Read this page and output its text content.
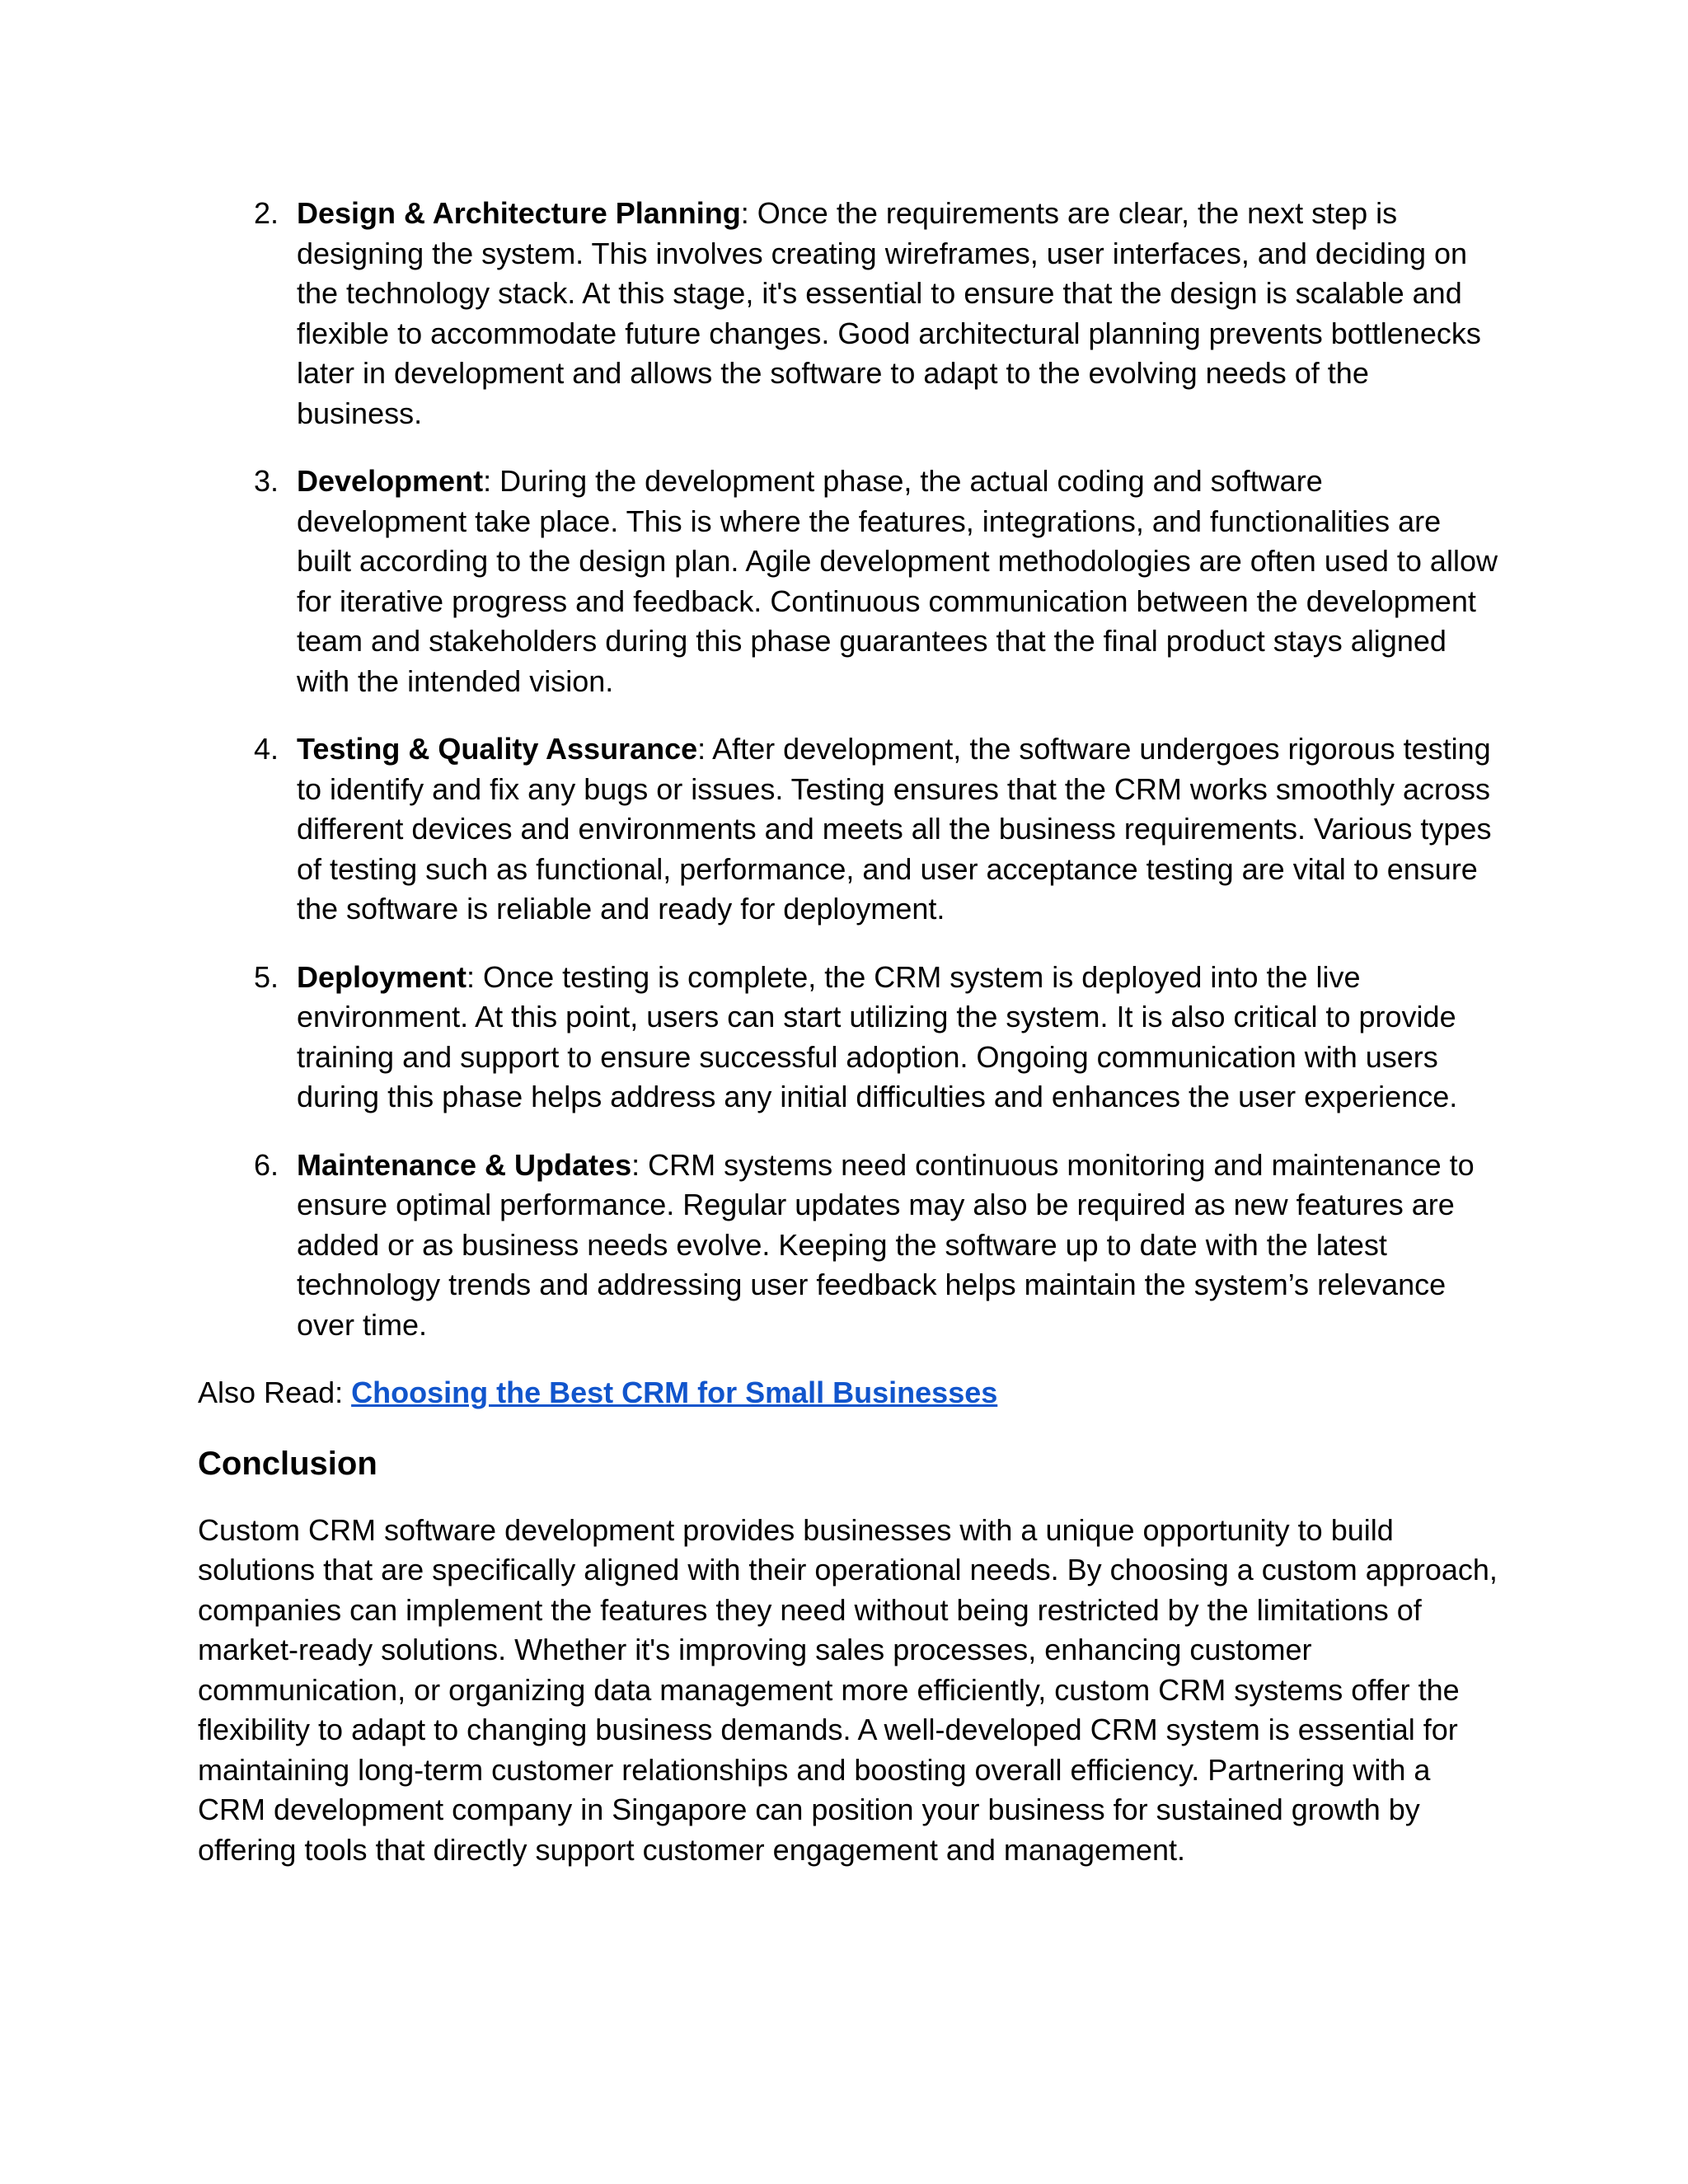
2. Design & Architecture Planning: Once the requirements are clear, the next step is designing the system. This involves creating wireframes, user interfaces, and deciding on the technology stack. At this stage, it's essential to ensure that the design is scalable and flexible to accommodate future changes. Good architectural planning prevents bottlenecks later in development and allows the software to adapt to the evolving needs of the business.
3. Development: During the development phase, the actual coding and software development take place. This is where the features, integrations, and functionalities are built according to the design plan. Agile development methodologies are often used to allow for iterative progress and feedback. Continuous communication between the development team and stakeholders during this phase guarantees that the final product stays aligned with the intended vision.
4. Testing & Quality Assurance: After development, the software undergoes rigorous testing to identify and fix any bugs or issues. Testing ensures that the CRM works smoothly across different devices and environments and meets all the business requirements. Various types of testing such as functional, performance, and user acceptance testing are vital to ensure the software is reliable and ready for deployment.
5. Deployment: Once testing is complete, the CRM system is deployed into the live environment. At this point, users can start utilizing the system. It is also critical to provide training and support to ensure successful adoption. Ongoing communication with users during this phase helps address any initial difficulties and enhances the user experience.
6. Maintenance & Updates: CRM systems need continuous monitoring and maintenance to ensure optimal performance. Regular updates may also be required as new features are added or as business needs evolve. Keeping the software up to date with the latest technology trends and addressing user feedback helps maintain the system’s relevance over time.

Also Read: Choosing the Best CRM for Small Businesses

Conclusion

Custom CRM software development provides businesses with a unique opportunity to build solutions that are specifically aligned with their operational needs. By choosing a custom approach, companies can implement the features they need without being restricted by the limitations of market-ready solutions. Whether it's improving sales processes, enhancing customer communication, or organizing data management more efficiently, custom CRM systems offer the flexibility to adapt to changing business demands. A well-developed CRM system is essential for maintaining long-term customer relationships and boosting overall efficiency. Partnering with a CRM development company in Singapore can position your business for sustained growth by offering tools that directly support customer engagement and management.
